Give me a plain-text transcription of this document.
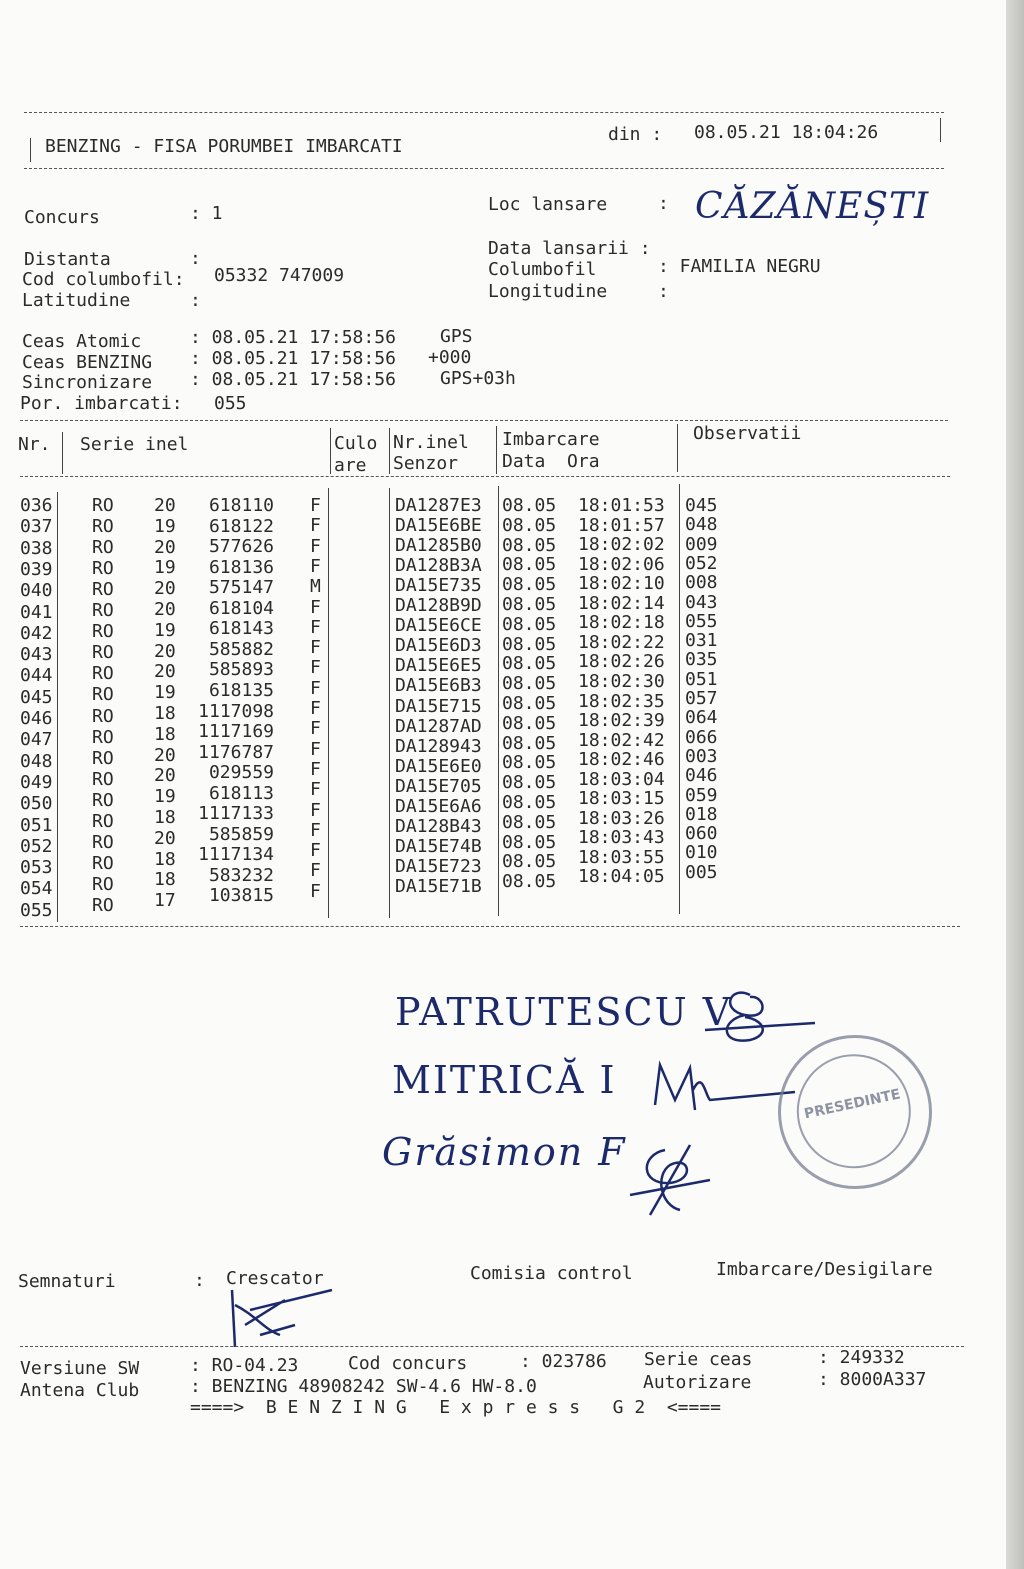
BENZING - FISA PORUMBEI IMBARCATI
din : 08.05.21 18:04:26
Concurs	: 1	Loc lansare	: CĂZĂNEȘTI
Distanta	:	Data lansarii :
Cod columbofil: 05332 747009	Columbofil	: FAMILIA NEGRU
Latitudine	:	Longitudine	:
Ceas Atomic	: 08.05.21 17:58:56 GPS
Ceas BENZING : 08.05.21 17:58:56 +000
Sincronizare : 08.05.21 17:58:56 GPS+03h
Por. imbarcati: 055
Nr. Serie inel	Culo
are
Nr.inel
Senzor
Imbarcare
Data  Ora
Observatii
036 RO 20	618110 F	DA1287E3 08.05 18:01:53 045
037 RO 19	618122 F	DA15E6BE 08.05 18:01:57 048
038 RO 20	577626 F	DA1285B0 08.05 18:02:02 009
039 RO 19	618136 F	DA128B3A 08.05 18:02:06 052
040 RO 20	575147 M	DA15E735 08.05 18:02:10 008
041 RO 20	618104 F	DA128B9D 08.05 18:02:14 043
042 RO 19	618143 F	DA15E6CE 08.05 18:02:18 055
043 RO 20	585882 F	DA15E6D3 08.05 18:02:22 031
044 RO 20	585893 F	DA15E6E5 08.05 18:02:26 035
045 RO 19	618135 F	DA15E6B3 08.05 18:02:30 051
046 RO 18	1117098 F	DA15E715 08.05 18:02:35 057
047 RO 18	1117169 F	DA1287AD 08.05 18:02:39 064
048 RO 20	1176787 F	DA128943 08.05 18:02:42 066
049 RO 20	029559 F	DA15E6E0 08.05 18:02:46 003
050 RO 19	618113 F	DA15E705 08.05 18:03:04 046
051 RO 18	1117133 F	DA15E6A6 08.05 18:03:15 059
052 RO 20	585859 F	DA128B43 08.05 18:03:26 018
053 RO 18	1117134 F	DA15E74B 08.05 18:03:43 060
054 RO 18	583232 F	DA15E723 08.05 18:03:55 010
055 RO 17	103815 F	DA15E71B 08.05 18:04:05 005
PATRUTESCU V
MITRICĂ I
Grăsimon F
PRESEDINTE
Semnaturi	: Crescator	Comisia control	Imbarcare/Desigilare
Versiune SW	: RO-04.23	Cod concurs	: 023786 Serie ceas	: 249332
Antena Club	: BENZING 48908242 SW-4.6 HW-8.0	Autorizare	: 8000A337
====>  B E N Z I N G   E x p r e s s   G 2  <====
